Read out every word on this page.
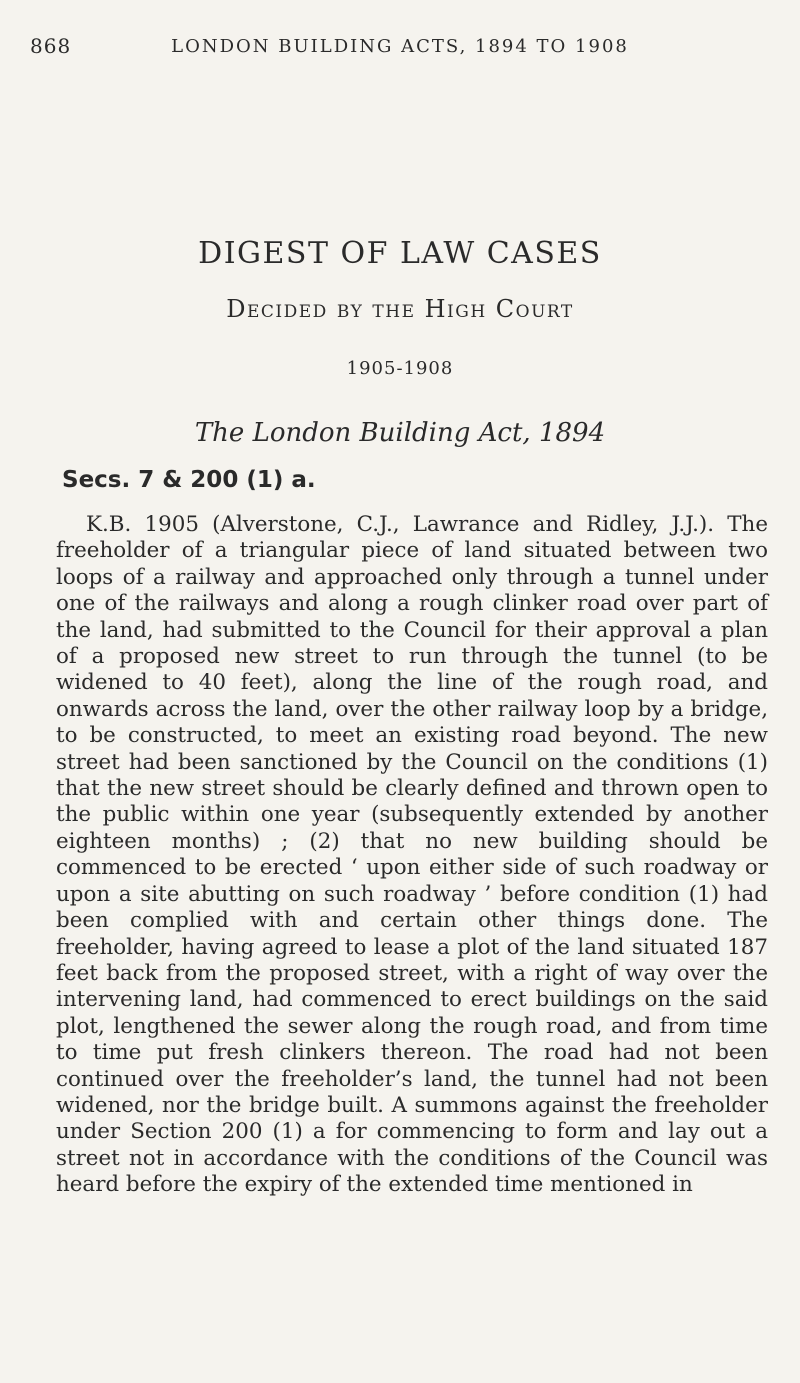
868	LONDON BUILDING ACTS, 1894 TO 1908
DIGEST OF LAW CASES
Decided by the High Court
1905-1908
The London Building Act, 1894
Secs. 7 & 200 (1) a.

K.B. 1905 (Alverstone, C.J., Lawrance and Ridley, J.J.). The freeholder of a triangular piece of land situated between two loops of a railway and approached only through a tunnel under one of the railways and along a rough clinker road over part of the land, had submitted to the Council for their approval a plan of a proposed new street to run through the tunnel (to be widened to 40 feet), along the line of the rough road, and onwards across the land, over the other railway loop by a bridge, to be constructed, to meet an existing road beyond. The new street had been sanctioned by the Council on the conditions (1) that the new street should be clearly defined and thrown open to the public within one year (subsequently extended by another eighteen months) ; (2) that no new building should be commenced to be erected ‘ upon either side of such roadway or upon a site abutting on such roadway ’ before condition (1) had been complied with and certain other things done. The freeholder, having agreed to lease a plot of the land situated 187 feet back from the proposed street, with a right of way over the intervening land, had commenced to erect buildings on the said plot, lengthened the sewer along the rough road, and from time to time put fresh clinkers thereon. The road had not been continued over the freeholder’s land, the tunnel had not been widened, nor the bridge built. A summons against the freeholder under Section 200 (1) a for commencing to form and lay out a street not in accordance with the conditions of the Council was heard before the expiry of the extended time mentioned in
